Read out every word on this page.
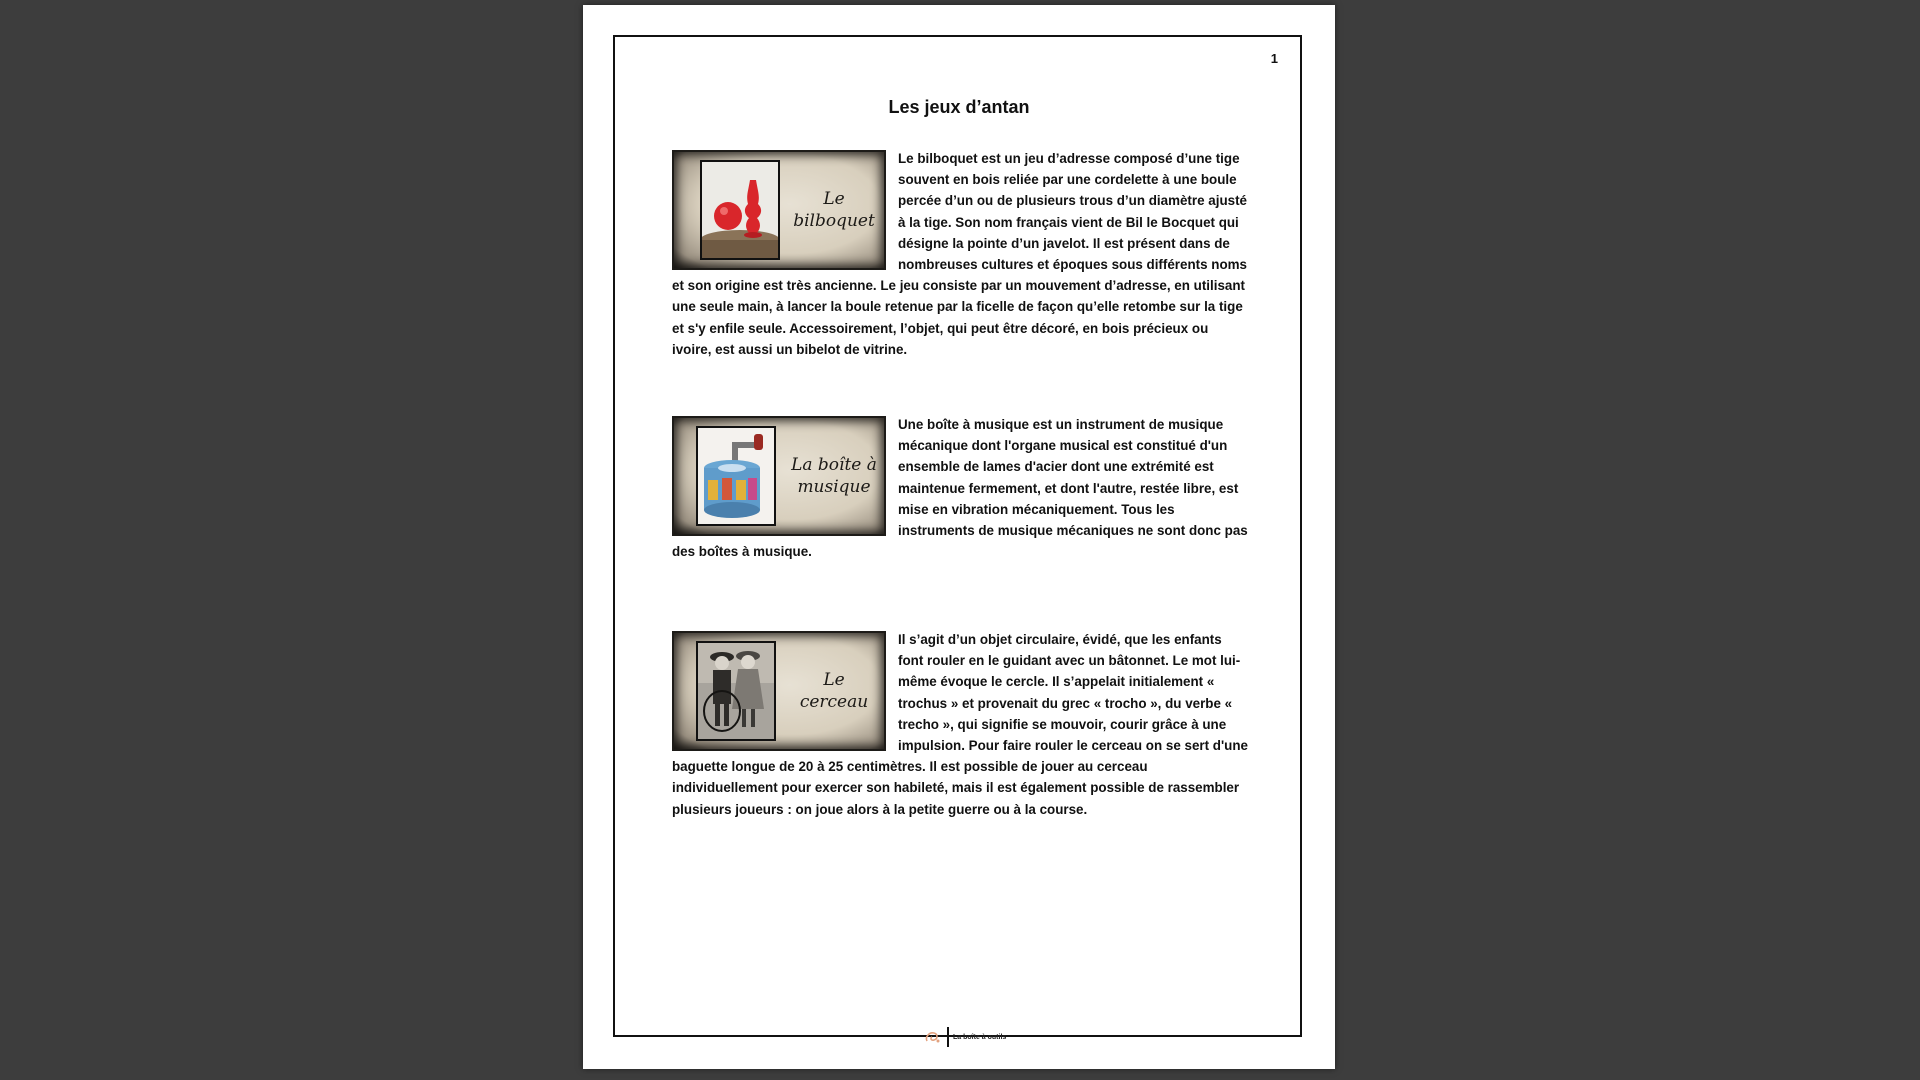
1
Les jeux d’antan
Le bilboquet
Le bilboquet est un jeu d’adresse composé d’une tige souvent en bois reliée par une cordelette à une boule percée d’un ou de plusieurs trous d’un diamètre ajusté à la tige. Son nom français vient de Bil le Bocquet qui désigne la pointe d’un javelot. Il est présent dans de nombreuses cultures et époques sous différents noms et son origine est très ancienne. Le jeu consiste par un mouvement d’adresse, en utilisant une seule main, à lancer la boule retenue par la ficelle de façon qu’elle retombe sur la tige et s'y enfile seule. Accessoirement, l’objet, qui peut être décoré, en bois précieux ou ivoire, est aussi un bibelot de vitrine.
La boîte à musique
Une boîte à musique est un instrument de musique mécanique dont l'organe musical est constitué d'un ensemble de lames d'acier dont une extrémité est maintenue fermement, et dont l'autre, restée libre, est mise en vibration mécaniquement. Tous les instruments de musique mécaniques ne sont donc pas des boîtes à musique.
Le cerceau
Il s’agit d’un objet circulaire, évidé, que les enfants font rouler en le guidant avec un bâtonnet. Le mot lui-même évoque le cercle. Il s’appelait initialement « trochus » et provenait du grec « trocho », du verbe « trecho », qui signifie se mouvoir, courir grâce à une impulsion. Pour faire rouler le cerceau on se sert d'une baguette longue de 20 à 25 centimètres. Il est possible de jouer au cerceau individuellement pour exercer son habileté, mais il est également possible de rassembler plusieurs joueurs : on joue alors à la petite guerre ou à la course.
La boîte à outils
